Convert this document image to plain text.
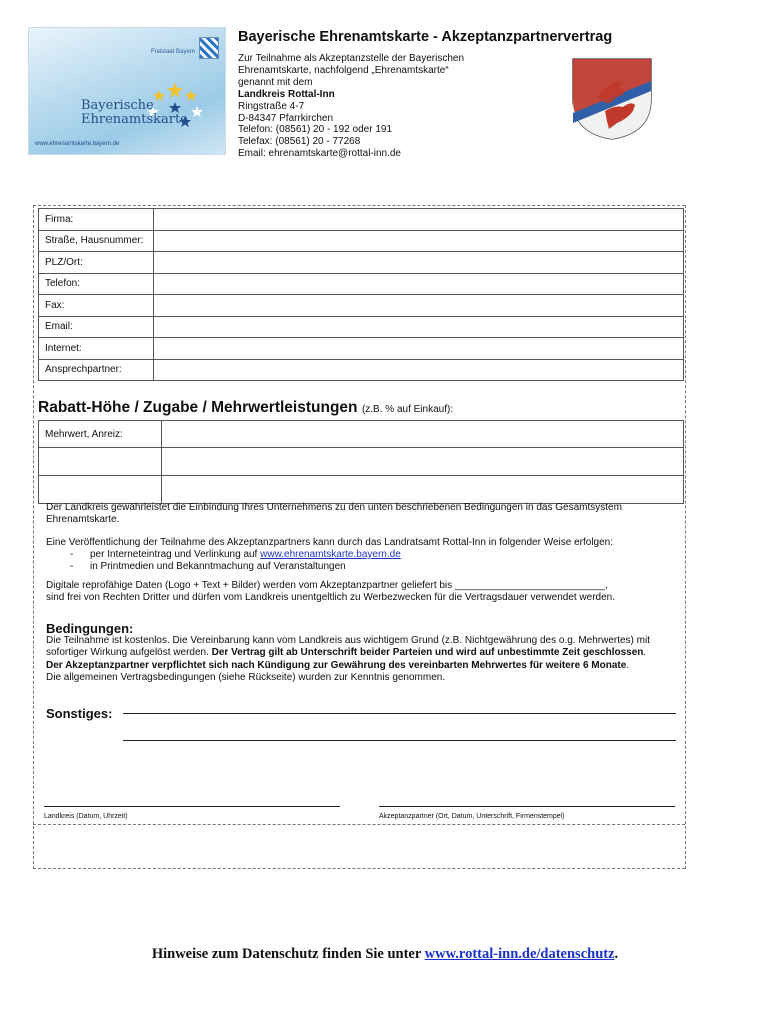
Freistaat Bayern
Bayerische
Ehrenamtskarte
www.ehrenamtskarte.bayern.de
Bayerische Ehrenamtskarte - Akzeptanzpartnervertrag
Zur Teilnahme als Akzeptanzstelle der Bayerischen
Ehrenamtskarte, nachfolgend „Ehrenamtskarte“
genannt mit dem
Landkreis Rottal-Inn
Ringstraße 4-7
D-84347 Pfarrkirchen
Telefon: (08561) 20 - 192 oder 191
Telefax: (08561) 20 - 77268
Email: ehrenamtskarte@rottal-inn.de
Firma:	
Straße, Hausnummer:	
PLZ/Ort:	
Telefon:	
Fax:	
Email:	
Internet:	
Ansprechpartner:	
Rabatt-Höhe / Zugabe / Mehrwertleistungen (z.B. % auf Einkauf):
Mehrwert, Anreiz:	

Der Landkreis gewährleistet die Einbindung Ihres Unternehmens zu den unten beschriebenen Bedingungen in das Gesamtsystem
Ehrenamtskarte.
Eine Veröffentlichung der Teilnahme des Akzeptanzpartners kann durch das Landratsamt Rottal-Inn in folgender Weise erfolgen:
- per Interneteintrag und Verlinkung auf www.ehrenamtskarte.bayern.de
- in Printmedien und Bekanntmachung auf Veranstaltungen
Digitale reprofähige Daten (Logo + Text + Bilder) werden vom Akzeptanzpartner geliefert bis ___________________________,
sind frei von Rechten Dritter und dürfen vom Landkreis unentgeltlich zu Werbezwecken für die Vertragsdauer verwendet werden.
Bedingungen:
Die Teilnahme ist kostenlos. Die Vereinbarung kann vom Landkreis aus wichtigem Grund (z.B. Nichtgewährung des o.g. Mehrwertes) mit
sofortiger Wirkung aufgelöst werden. Der Vertrag gilt ab Unterschrift beider Parteien und wird auf unbestimmte Zeit geschlossen.
Der Akzeptanzpartner verpflichtet sich nach Kündigung zur Gewährung des vereinbarten Mehrwertes für weitere 6 Monate.
Die allgemeinen Vertragsbedingungen (siehe Rückseite) wurden zur Kenntnis genommen.
Sonstiges:
Landkreis (Datum, Uhrzeit)	Akzeptanzpartner (Ort, Datum, Unterschrift, Firmenstempel)
Hinweise zum Datenschutz finden Sie unter www.rottal-inn.de/datenschutz.
